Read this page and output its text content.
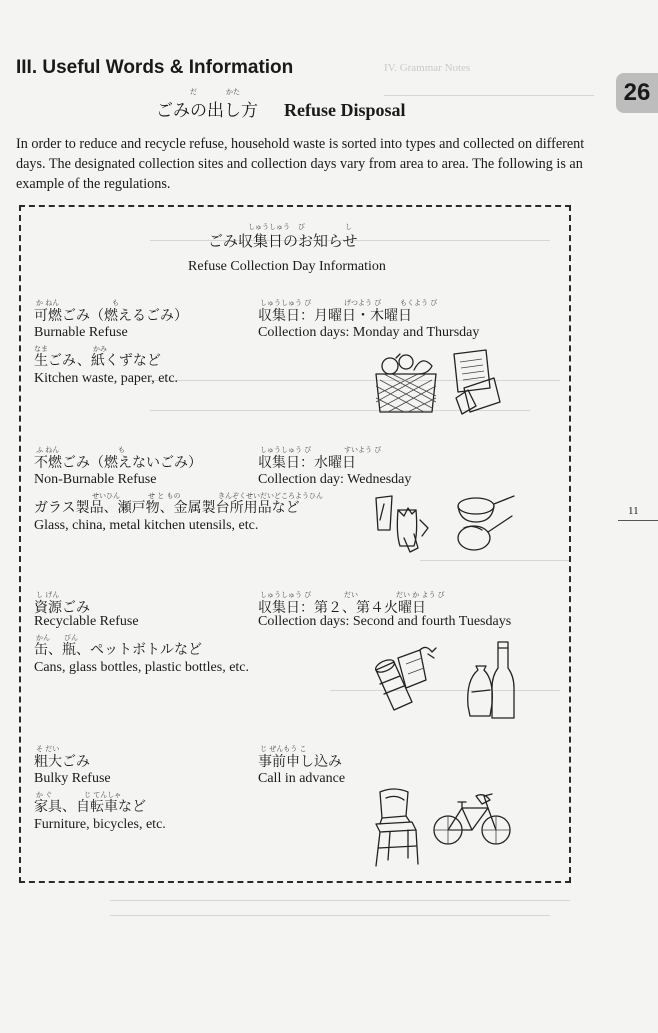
IV. Grammar Notes
III. Useful Words & Information
26
だ	かた
ごみの出し方 Refuse Disposal

In order to reduce and recycle refuse, household waste is sorted into types and collected on different days. The designated collection sites and collection days vary from area to area. The following is an example of the regulations.

11
しゅうしゅう び	し
ごみ収集日のお知らせ
Refuse Collection Day Information
か ねん	も
可燃ごみ（燃えるごみ）
Burnable Refuse
なま	かみ
生ごみ、紙くずなど
Kitchen waste, paper, etc.
しゅうしゅう び	げつよう び	もくよう び
収集日：月曜日・木曜日
Collection days: Monday and Thursday
ふ ねん	も
不燃ごみ（燃えないごみ）
Non-Burnable Refuse
せいひん	せ と もの	きんぞくせいだいどころようひん
ガラス製品、瀬戸物、金属製台所用品など
Glass, china, metal kitchen utensils, etc.
しゅうしゅう び	すいよう び
収集日：水曜日
Collection day: Wednesday
し げん
資源ごみ
Recyclable Refuse
かん びん
缶、瓶、ペットボトルなど
Cans, glass bottles, plastic bottles, etc.
しゅうしゅう び	だい	だい か よう び
収集日：第２、第４火曜日
Collection days: Second and fourth Tuesdays
そ だい
粗大ごみ
Bulky Refuse
か ぐ	じ てんしゃ
家具、自転車など
Furniture, bicycles, etc.
じ ぜんもう こ
事前申し込み
Call in advance
